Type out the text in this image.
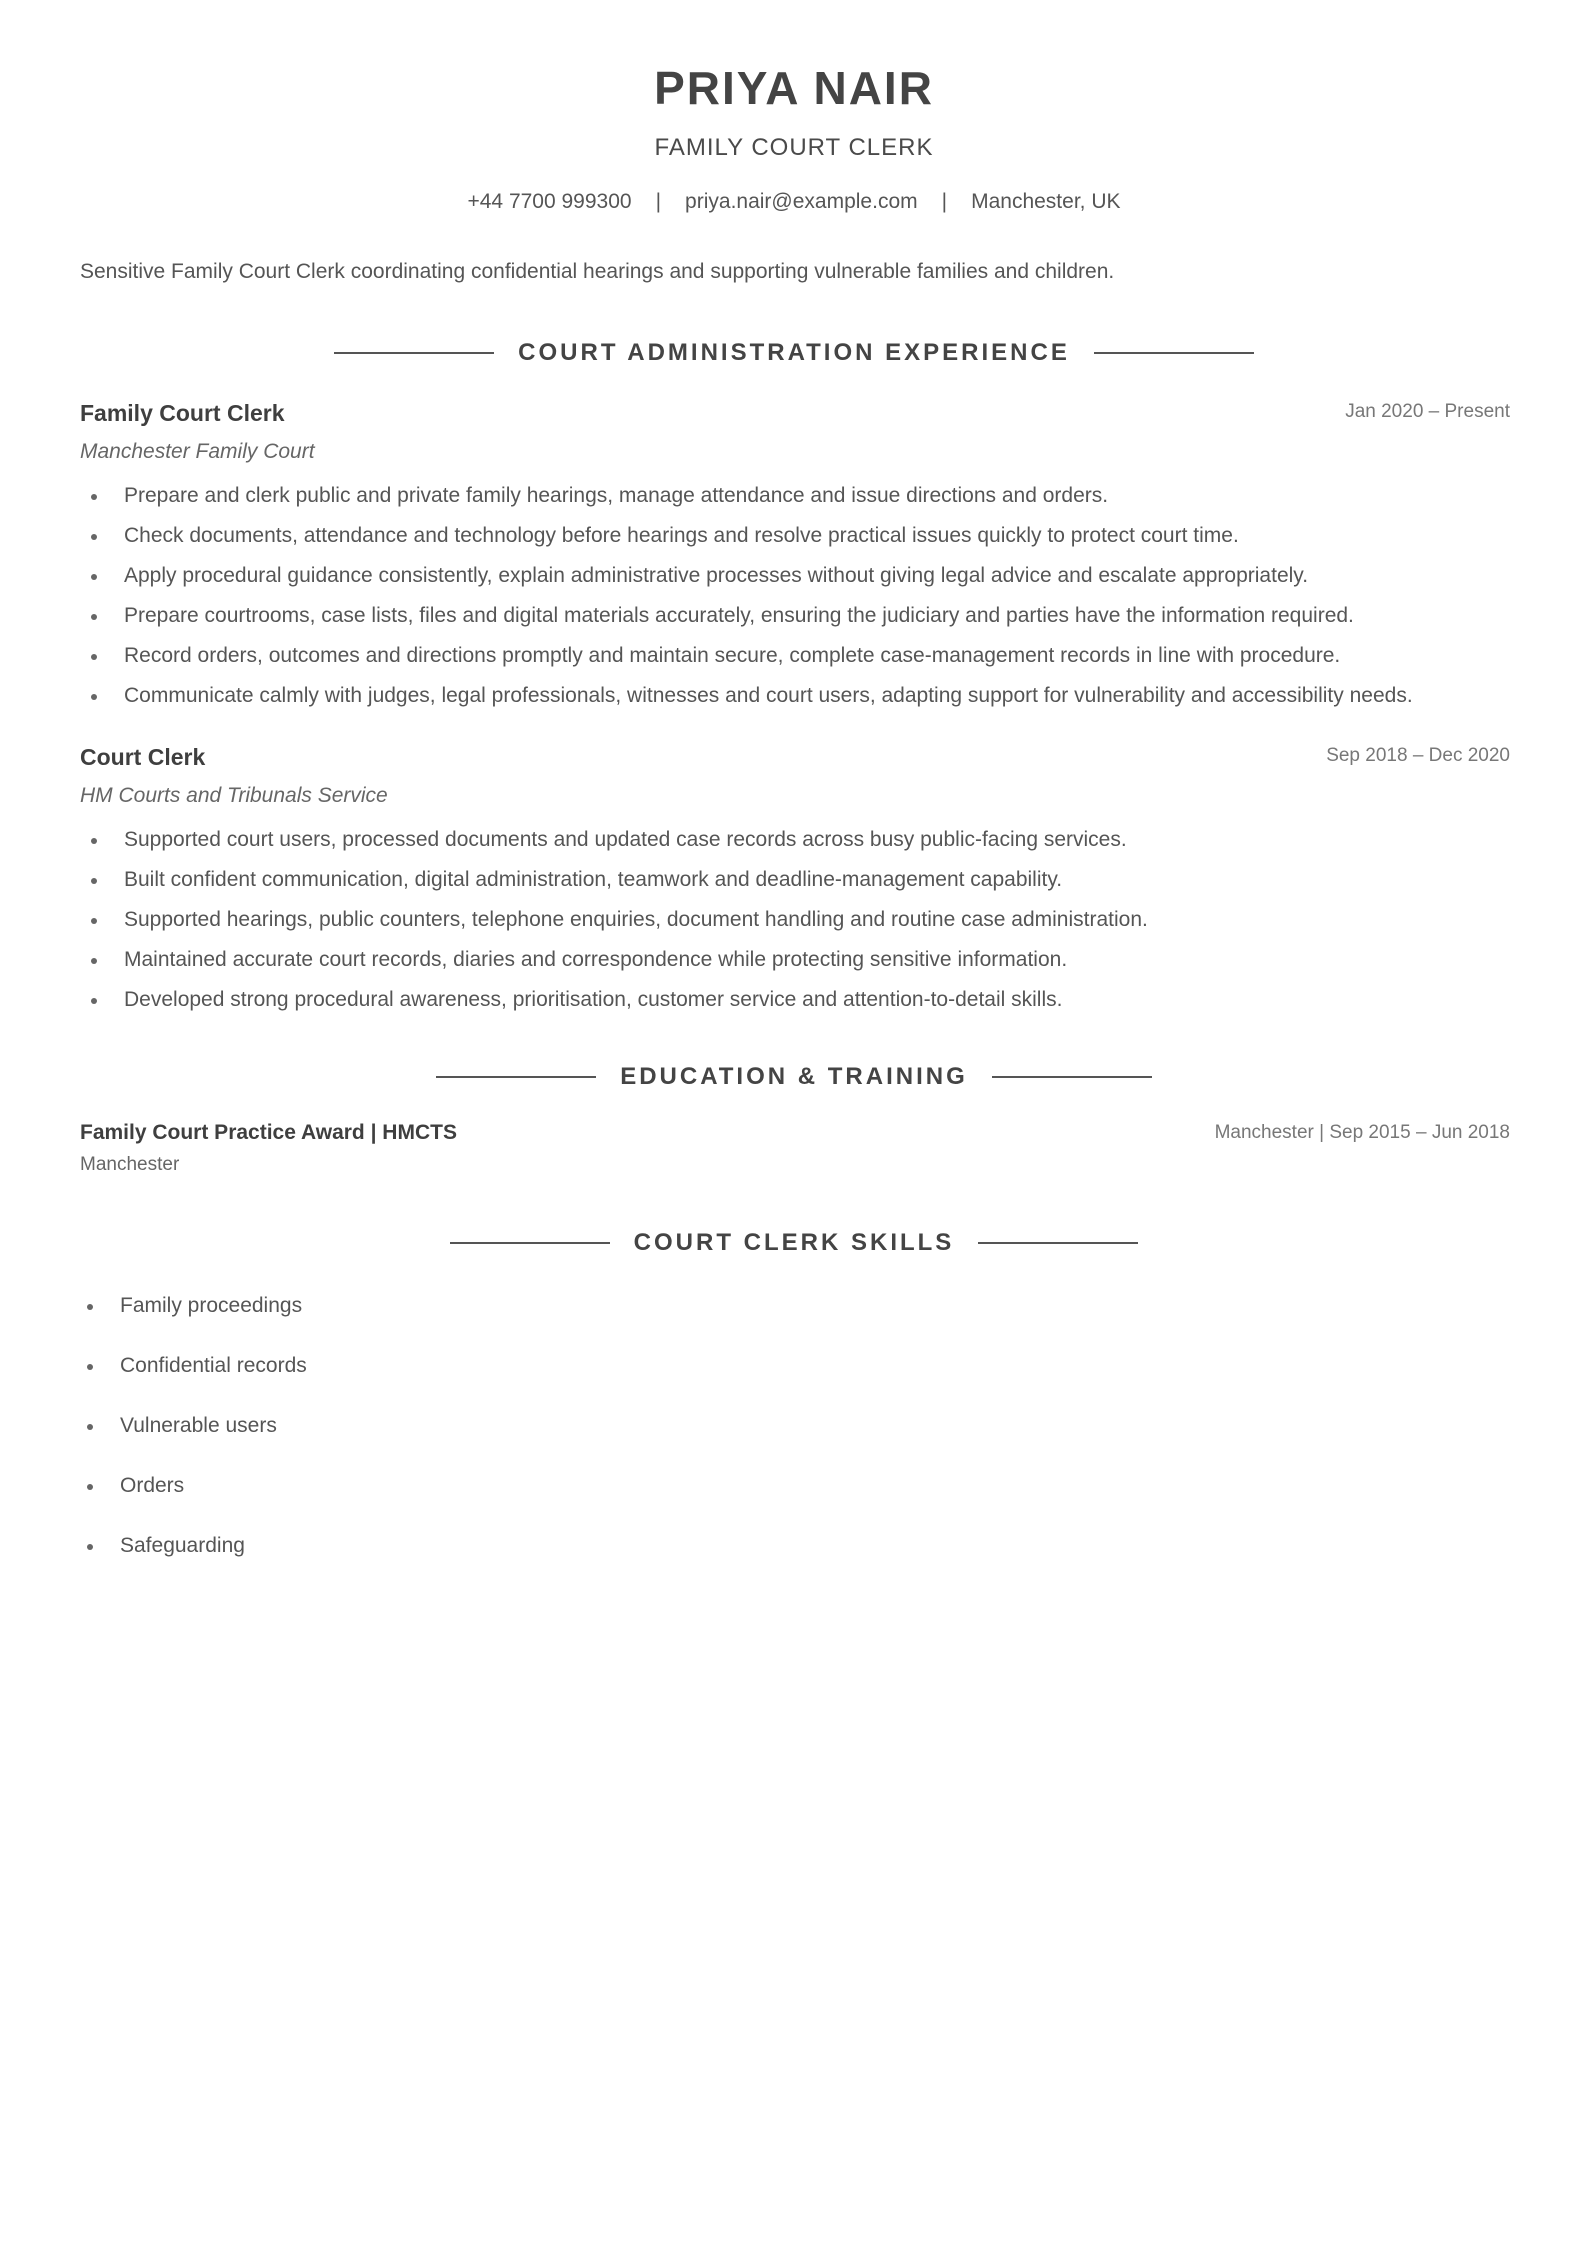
PRIYA NAIR
FAMILY COURT CLERK
+44 7700 999300 | priya.nair@example.com | Manchester, UK

Sensitive Family Court Clerk coordinating confidential hearings and supporting vulnerable families and children.

COURT ADMINISTRATION EXPERIENCE
Family Court Clerk	Jan 2020 – Present
Manchester Family Court
Prepare and clerk public and private family hearings, manage attendance and issue directions and orders.
Check documents, attendance and technology before hearings and resolve practical issues quickly to protect court time.
Apply procedural guidance consistently, explain administrative processes without giving legal advice and escalate appropriately.
Prepare courtrooms, case lists, files and digital materials accurately, ensuring the judiciary and parties have the information required.
Record orders, outcomes and directions promptly and maintain secure, complete case-management records in line with procedure.
Communicate calmly with judges, legal professionals, witnesses and court users, adapting support for vulnerability and accessibility needs.
Court Clerk	Sep 2018 – Dec 2020
HM Courts and Tribunals Service
Supported court users, processed documents and updated case records across busy public-facing services.
Built confident communication, digital administration, teamwork and deadline-management capability.
Supported hearings, public counters, telephone enquiries, document handling and routine case administration.
Maintained accurate court records, diaries and correspondence while protecting sensitive information.
Developed strong procedural awareness, prioritisation, customer service and attention-to-detail skills.
EDUCATION & TRAINING
Family Court Practice Award | HMCTS	Manchester | Sep 2015 – Jun 2018
Manchester
COURT CLERK SKILLS
Family proceedings
Confidential records
Vulnerable users
Orders
Safeguarding
